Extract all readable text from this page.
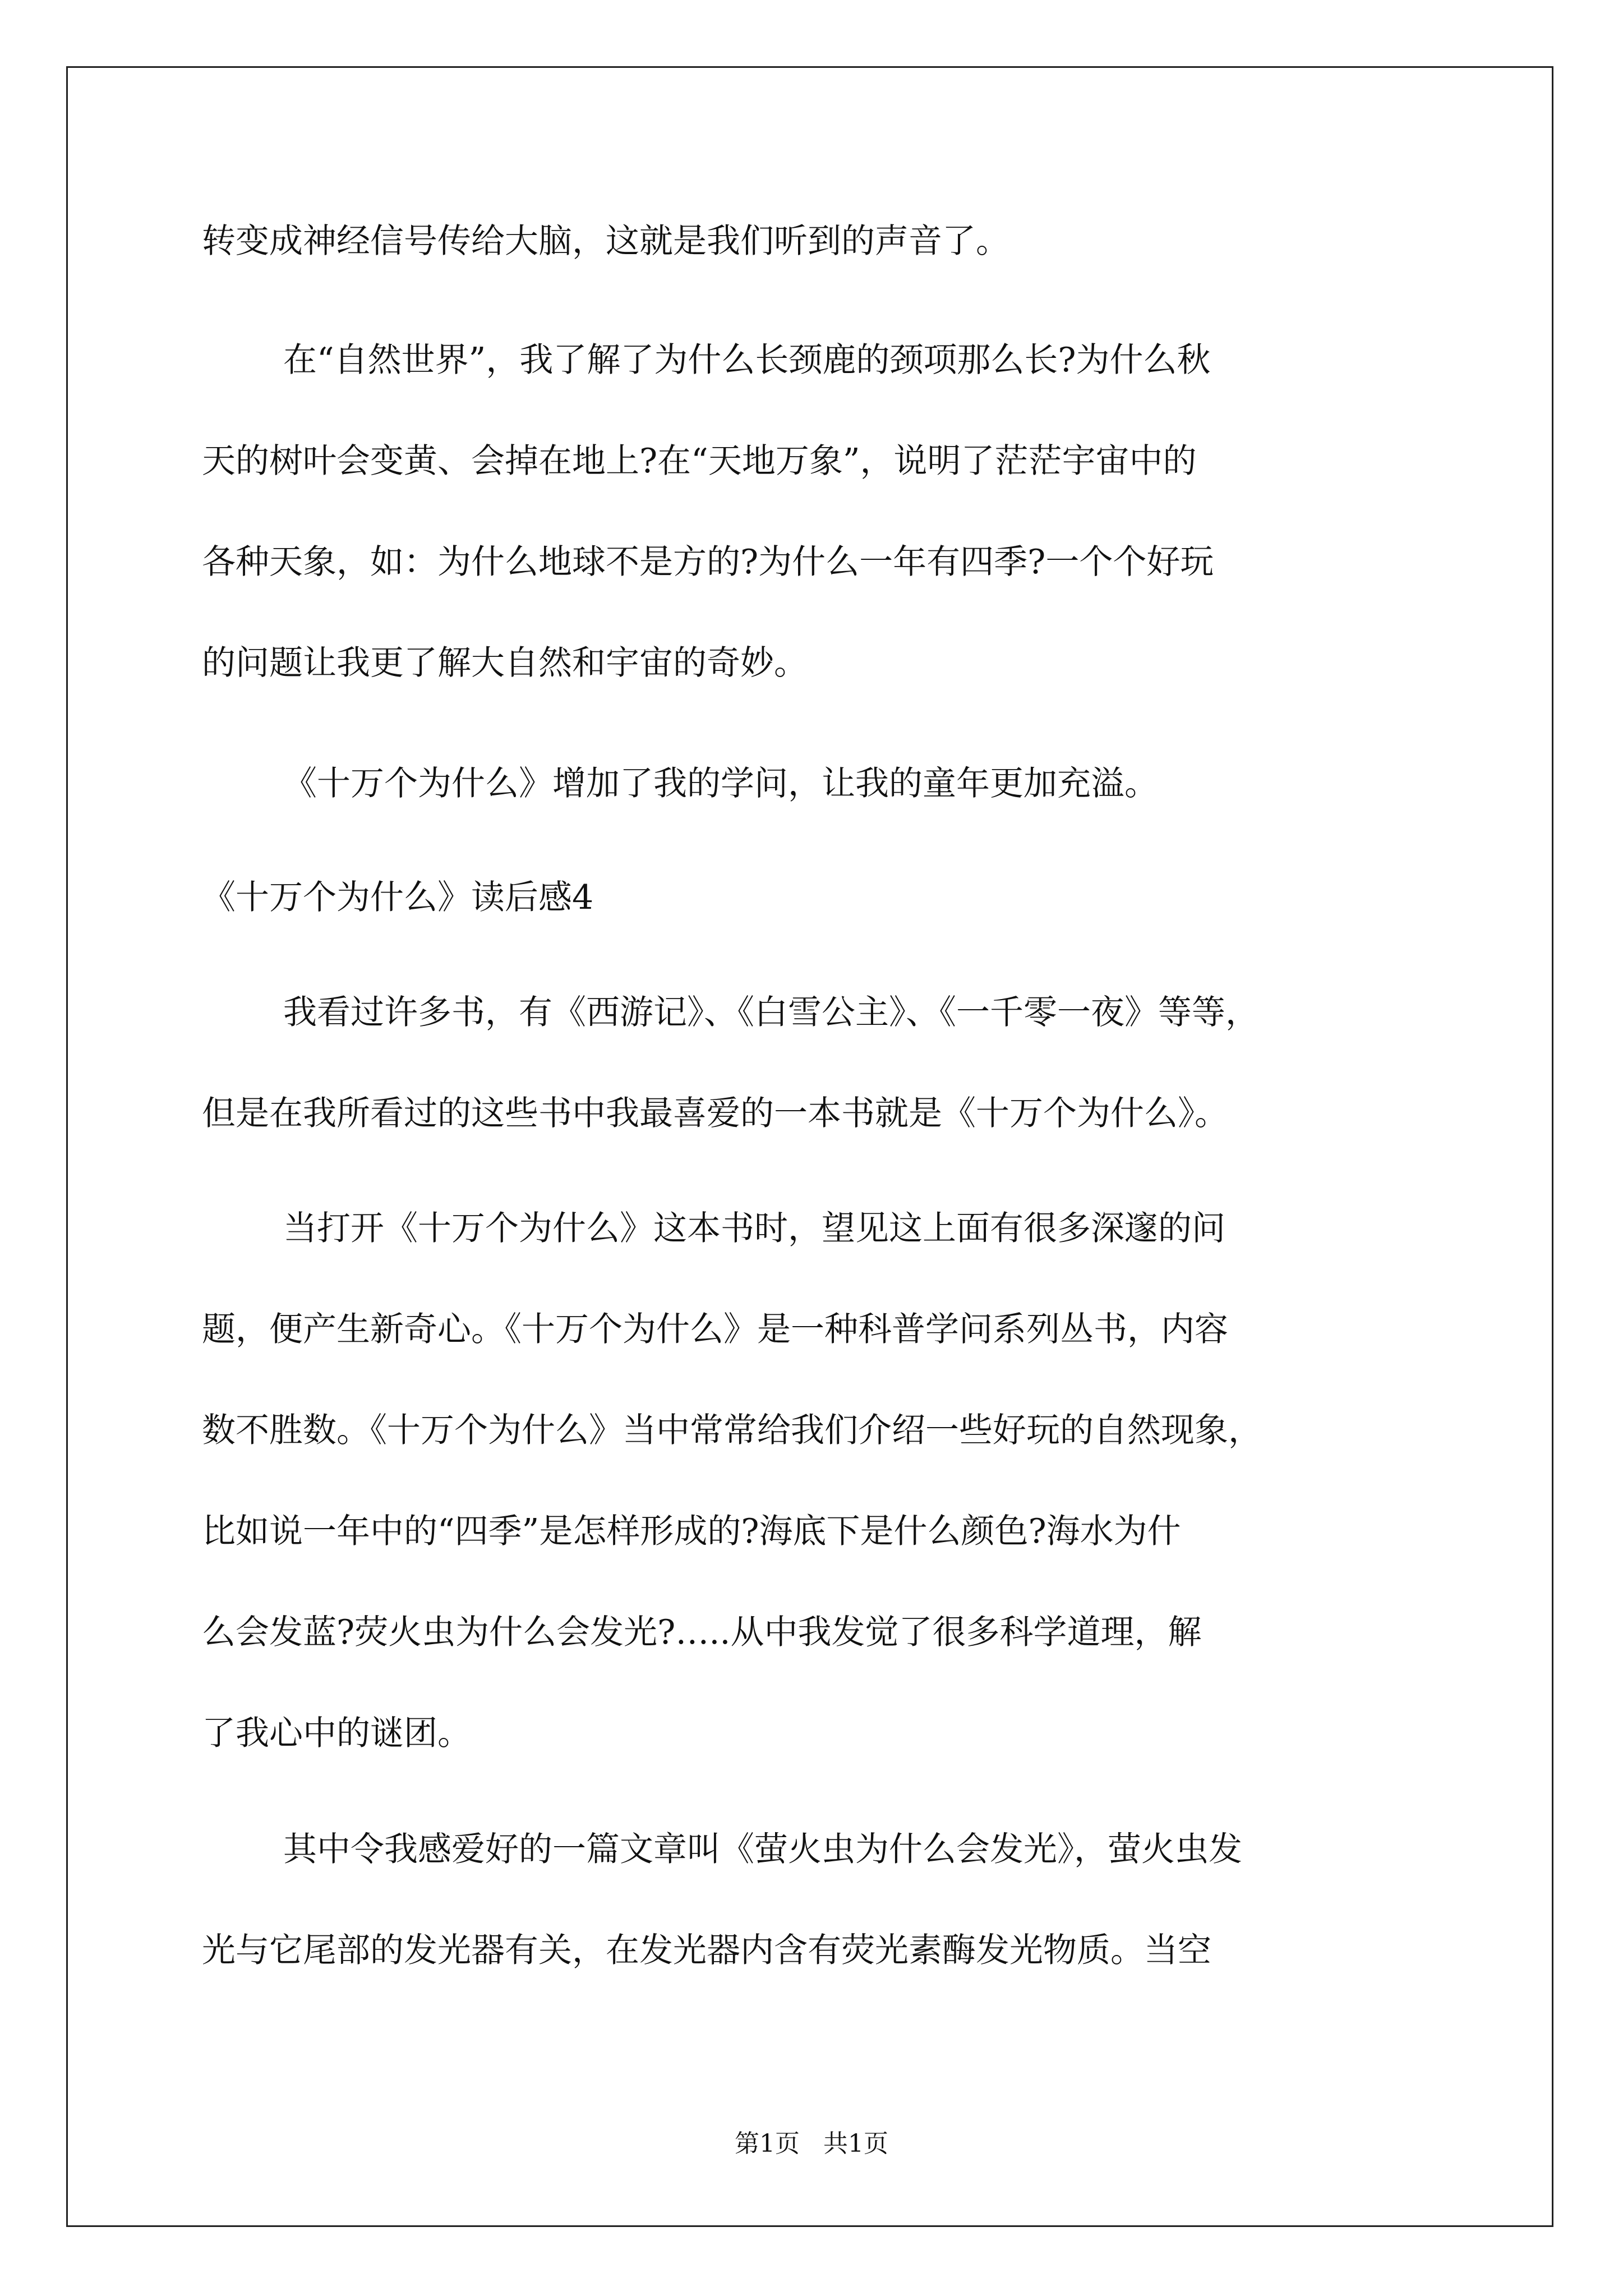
转变成神经信号传给大脑，这就是我们听到的声音了。
在“自然世界”，我了解了为什么长颈鹿的颈项那么长?为什么秋
天的树叶会变黄、会掉在地上?在“天地万象”，说明了茫茫宇宙中的
各种天象，如：为什么地球不是方的?为什么一年有四季?一个个好玩
的问题让我更了解大自然和宇宙的奇妙。
《十万个为什么》增加了我的学问，让我的童年更加充溢。
《十万个为什么》读后感4
我看过许多书，有《西游记》、《白雪公主》、《一千零一夜》等等，
但是在我所看过的这些书中我最喜爱的一本书就是《十万个为什么》。
当打开《十万个为什么》这本书时，望见这上面有很多深邃的问
题，便产生新奇心。《十万个为什么》是一种科普学问系列丛书，内容
数不胜数。《十万个为什么》当中常常给我们介绍一些好玩的自然现象，
比如说一年中的“四季”是怎样形成的?海底下是什么颜色?海水为什
么会发蓝?荧火虫为什么会发光?…..从中我发觉了很多科学道理，解
了我心中的谜团。
其中令我感爱好的一篇文章叫《萤火虫为什么会发光》，萤火虫发
光与它尾部的发光器有关，在发光器内含有荧光素酶发光物质。当空
第1页   共1页
